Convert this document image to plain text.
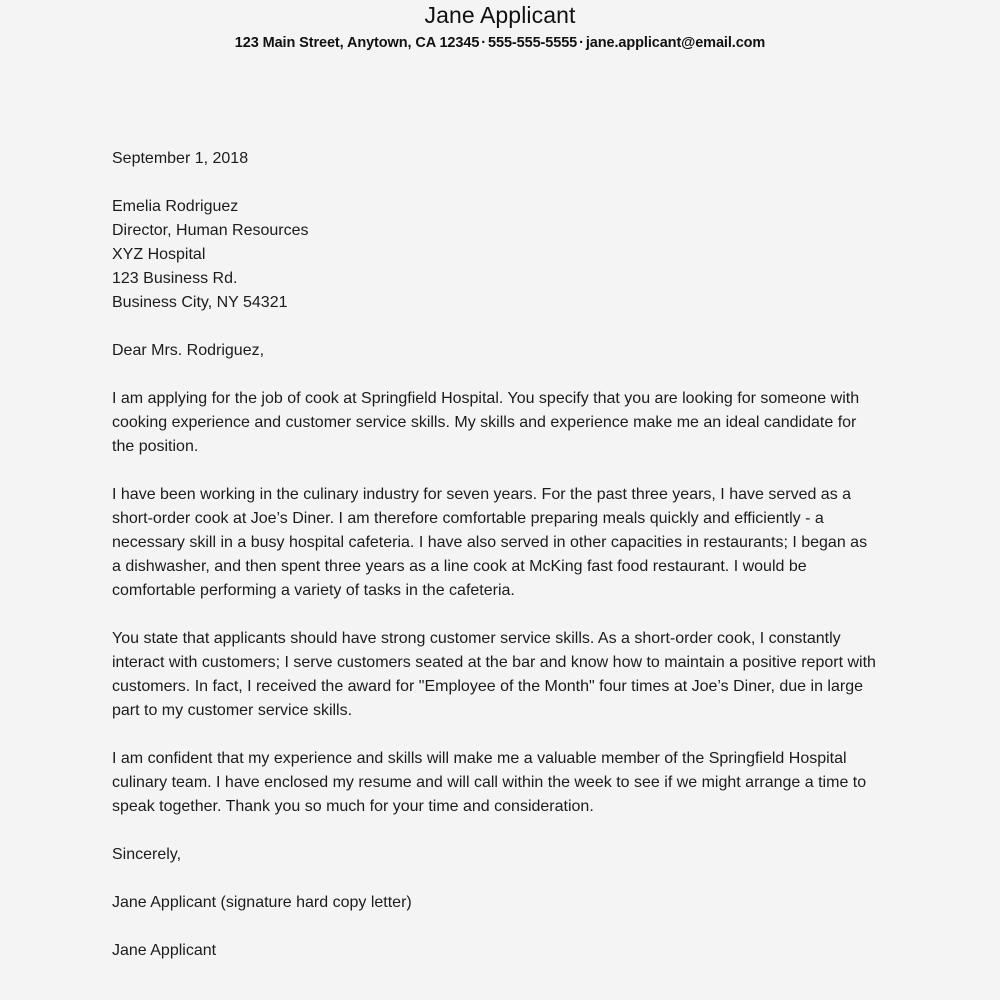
Jane Applicant

123 Main Street, Anytown, CA 12345 · 555-555-5555 · jane.applicant@email.com

September 1, 2018

Emelia Rodriguez

Director, Human Resources

XYZ Hospital

123 Business Rd.

Business City, NY 54321

Dear Mrs. Rodriguez,

I am applying for the job of cook at Springfield Hospital. You specify that you are looking for someone with cooking experience and customer service skills. My skills and experience make me an ideal candidate for the position.

I have been working in the culinary industry for seven years. For the past three years, I have served as a short-order cook at Joe’s Diner. I am therefore comfortable preparing meals quickly and efficiently - a necessary skill in a busy hospital cafeteria. I have also served in other capacities in restaurants; I began as a dishwasher, and then spent three years as a line cook at McKing fast food restaurant. I would be comfortable performing a variety of tasks in the cafeteria.

You state that applicants should have strong customer service skills. As a short-order cook, I constantly interact with customers; I serve customers seated at the bar and know how to maintain a positive report with customers. In fact, I received the award for "Employee of the Month" four times at Joe’s Diner, due in large part to my customer service skills.

I am confident that my experience and skills will make me a valuable member of the Springfield Hospital culinary team. I have enclosed my resume and will call within the week to see if we might arrange a time to speak together. Thank you so much for your time and consideration.

Sincerely,

Jane Applicant (signature hard copy letter)

Jane Applicant
